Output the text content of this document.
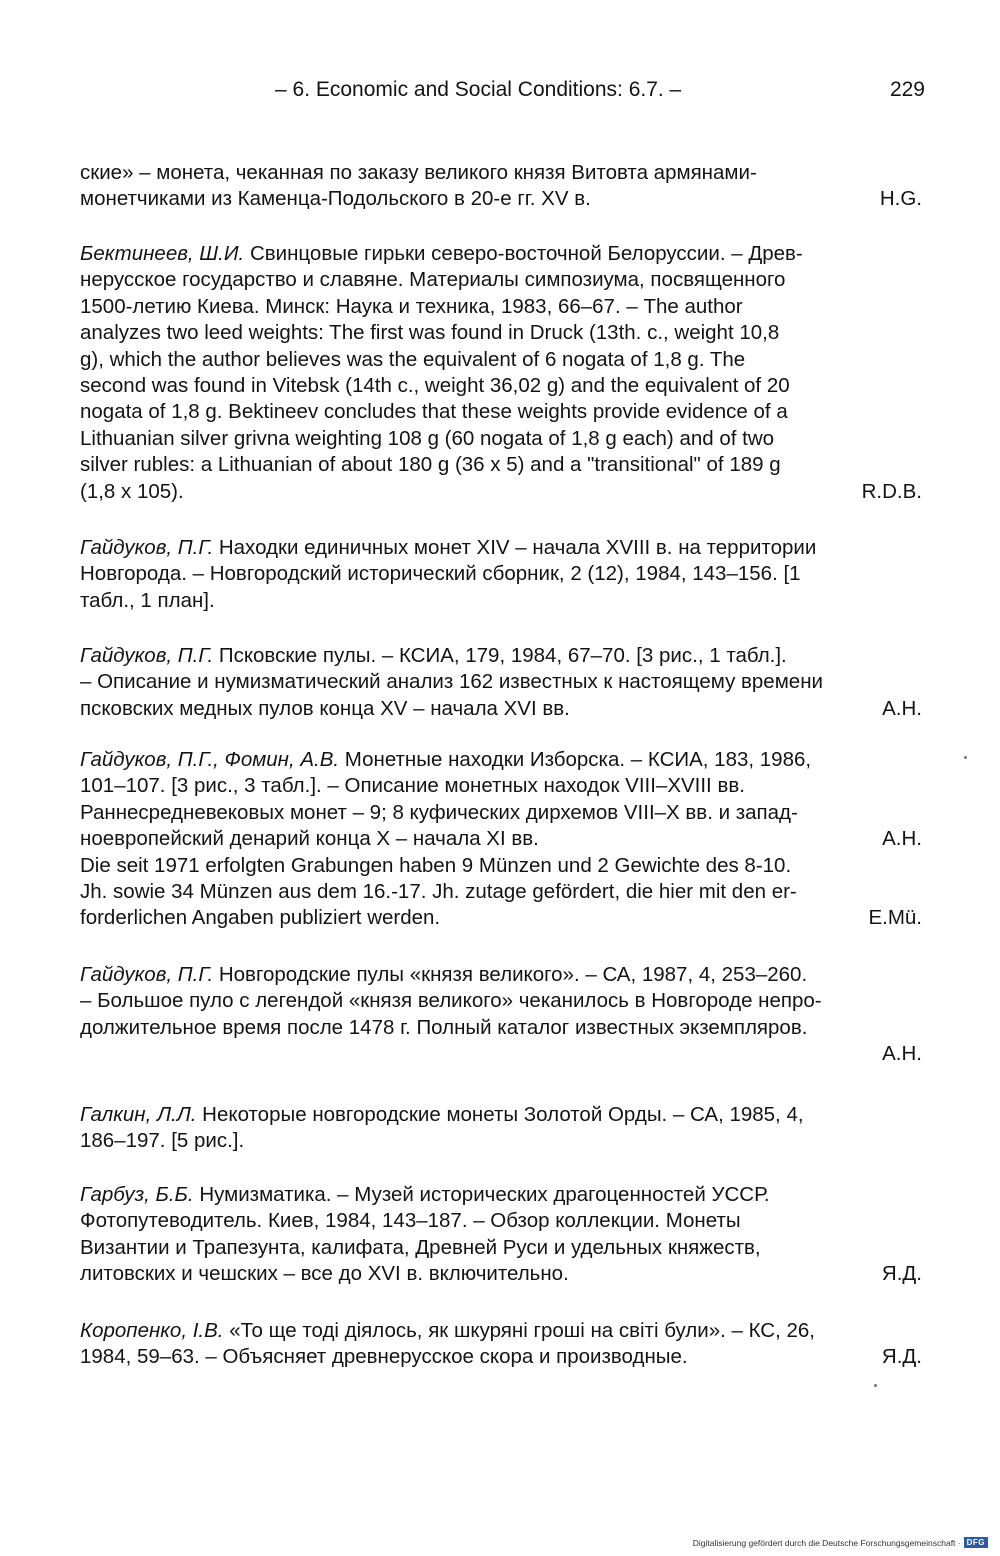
– 6. Economic and Social Conditions: 6.7. –	229
ские» – монета, чеканная по заказу великого князя Витовта армянами-
монетчиками из Каменца-Подольского в 20-е гг. XV в.	H.G.
Бектинеев, Ш.И. Свинцовые гирьки северо-восточной Белоруссии. – Древ-
нерусское государство и славяне. Материалы симпозиума, посвященного
1500-летию Киева. Минск: Наука и техника, 1983, 66–67. – The author
analyzes two leed weights: The first was found in Druck (13th. c., weight 10,8
g), which the author believes was the equivalent of 6 nogata of 1,8 g. The
second was found in Vitebsk (14th c., weight 36,02 g) and the equivalent of 20
nogata of 1,8 g. Bektineev concludes that these weights provide evidence of a
Lithuanian silver grivna weighting 108 g (60 nogata of 1,8 g each) and of two
silver rubles: a Lithuanian of about 180 g (36 x 5) and a "transitional" of 189 g
(1,8 x 105).	R.D.B.
Гайдуков, П.Г. Находки единичных монет XIV – начала XVIII в. на территории
Новгорода. – Новгородский исторический сборник, 2 (12), 1984, 143–156. [1
табл., 1 план].
Гайдуков, П.Г. Псковские пулы. – КСИА, 179, 1984, 67–70. [3 рис., 1 табл.].
– Описание и нумизматический анализ 162 известных к настоящему времени
псковских медных пулов конца XV – начала XVI вв.	A.H.
Гайдуков, П.Г., Фомин, А.В. Монетные находки Изборска. – КСИА, 183, 1986,
101–107. [3 рис., 3 табл.]. – Описание монетных находок VIII–XVIII вв.
Раннесредневековых монет – 9; 8 куфических дирхемов VIII–X вв. и запад-
ноевропейский денарий конца X – начала XI вв.	A.H.
Die seit 1971 erfolgten Grabungen haben 9 Münzen und 2 Gewichte des 8-10.
Jh. sowie 34 Münzen aus dem 16.-17. Jh. zutage gefördert, die hier mit den er-
forderlichen Angaben publiziert werden.	E.Mü.
Гайдуков, П.Г. Новгородские пулы «князя великого». – СА, 1987, 4, 253–260.
– Большое пуло с легендой «князя великого» чеканилось в Новгороде непро-
должительное время после 1478 г. Полный каталог известных экземпляров.
A.H.
Галкин, Л.Л. Некоторые новгородские монеты Золотой Орды. – СА, 1985, 4,
186–197. [5 рис.].
Гарбуз, Б.Б. Нумизматика. – Музей исторических драгоценностей УССР.
Фотопутеводитель. Киев, 1984, 143–187. – Обзор коллекции. Монеты
Византии и Трапезунта, калифата, Древней Руси и удельных княжеств,
литовских и чешских – все до XVI в. включительно.	Я.Д.
Коропенко, І.В. «То ще тоді діялось, як шкуряні гроші на світі були». – КС, 26,
1984, 59–63. – Объясняет древнерусское скора и производные.	Я.Д.
Digitalisierung gefördert durch die Deutsche Forschungsgemeinschaft · DFG
